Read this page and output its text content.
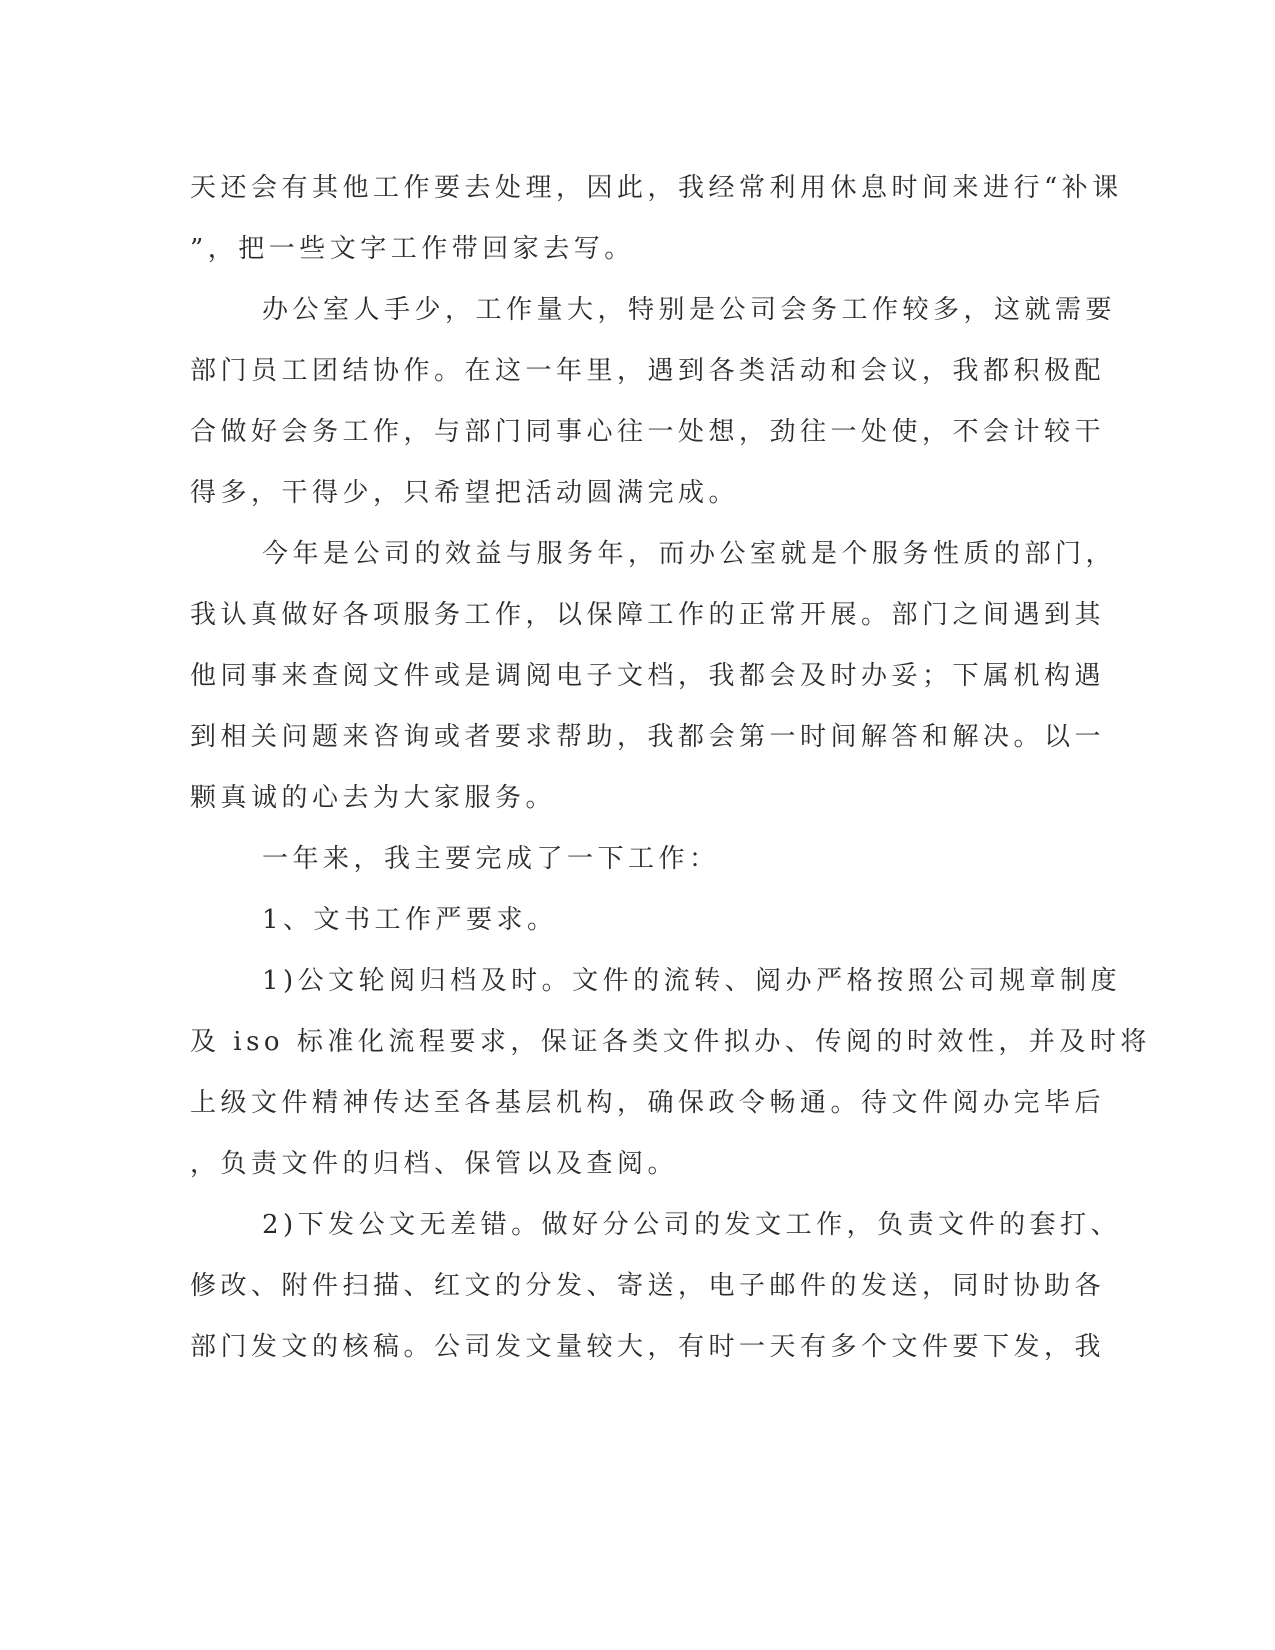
天还会有其他工作要去处理，因此，我经常利用休息时间来进行“补课
”，把一些文字工作带回家去写。
办公室人手少，工作量大，特别是公司会务工作较多，这就需要
部门员工团结协作。在这一年里，遇到各类活动和会议，我都积极配
合做好会务工作，与部门同事心往一处想，劲往一处使，不会计较干
得多，干得少，只希望把活动圆满完成。
今年是公司的效益与服务年，而办公室就是个服务性质的部门，
我认真做好各项服务工作，以保障工作的正常开展。部门之间遇到其
他同事来查阅文件或是调阅电子文档，我都会及时办妥；下属机构遇
到相关问题来咨询或者要求帮助，我都会第一时间解答和解决。以一
颗真诚的心去为大家服务。
一年来，我主要完成了一下工作：
1、文书工作严要求。
1)公文轮阅归档及时。文件的流转、阅办严格按照公司规章制度
及 iso 标准化流程要求，保证各类文件拟办、传阅的时效性，并及时将
上级文件精神传达至各基层机构，确保政令畅通。待文件阅办完毕后
，负责文件的归档、保管以及查阅。
2)下发公文无差错。做好分公司的发文工作，负责文件的套打、
修改、附件扫描、红文的分发、寄送，电子邮件的发送，同时协助各
部门发文的核稿。公司发文量较大，有时一天有多个文件要下发，我
